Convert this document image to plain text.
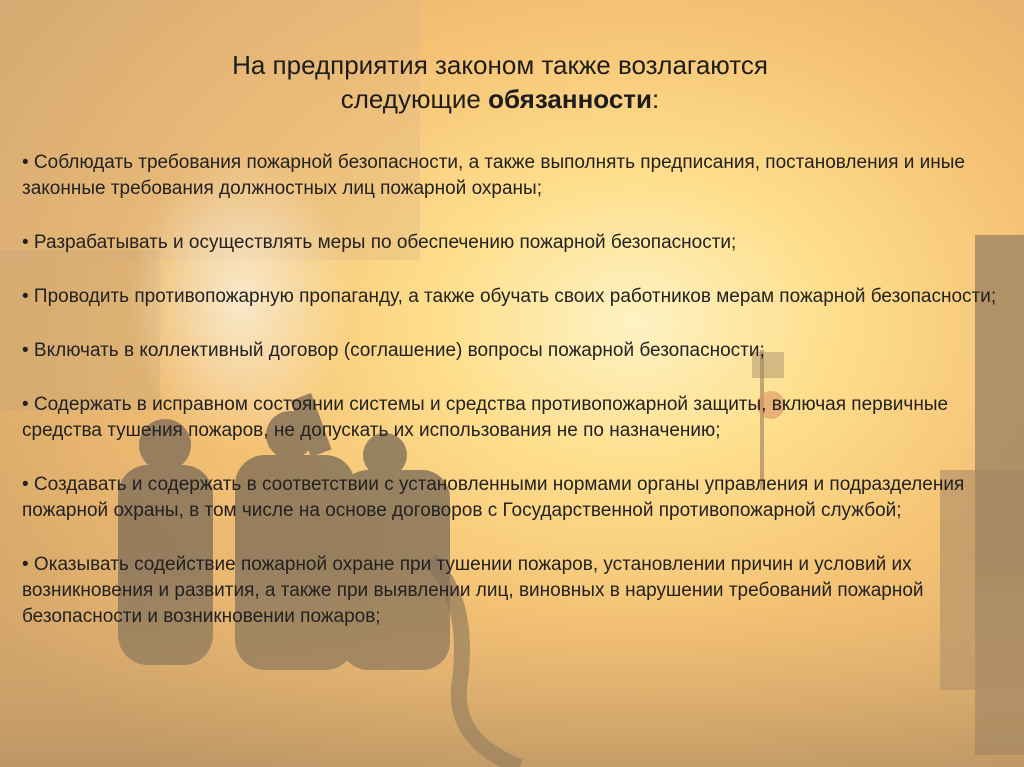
На предприятия законом также возлагаются
следующие обязанности:
• Соблюдать требования пожарной безопасности, а также выполнять предписания, постановления и иные законные требования должностных лиц пожарной охраны;
• Разрабатывать и осуществлять меры по обеспечению пожарной безопасности;
• Проводить противопожарную пропаганду, а также обучать своих работников мерам пожарной безопасности;
• Включать в коллективный договор (соглашение) вопросы пожарной безопасности;
• Содержать в исправном состоянии системы и средства противопожарной защиты, включая первичные средства тушения пожаров, не допускать их использования не по назначению;
• Создавать и содержать в соответствии с установленными нормами органы управления и подразделения пожарной охраны, в том числе на основе договоров с Государственной противопожарной службой;
• Оказывать содействие пожарной охране при тушении пожаров, установлении причин и условий их возникновения и развития, а также при выявлении лиц, виновных в нарушении требований пожарной безопасности и возникновении пожаров;
